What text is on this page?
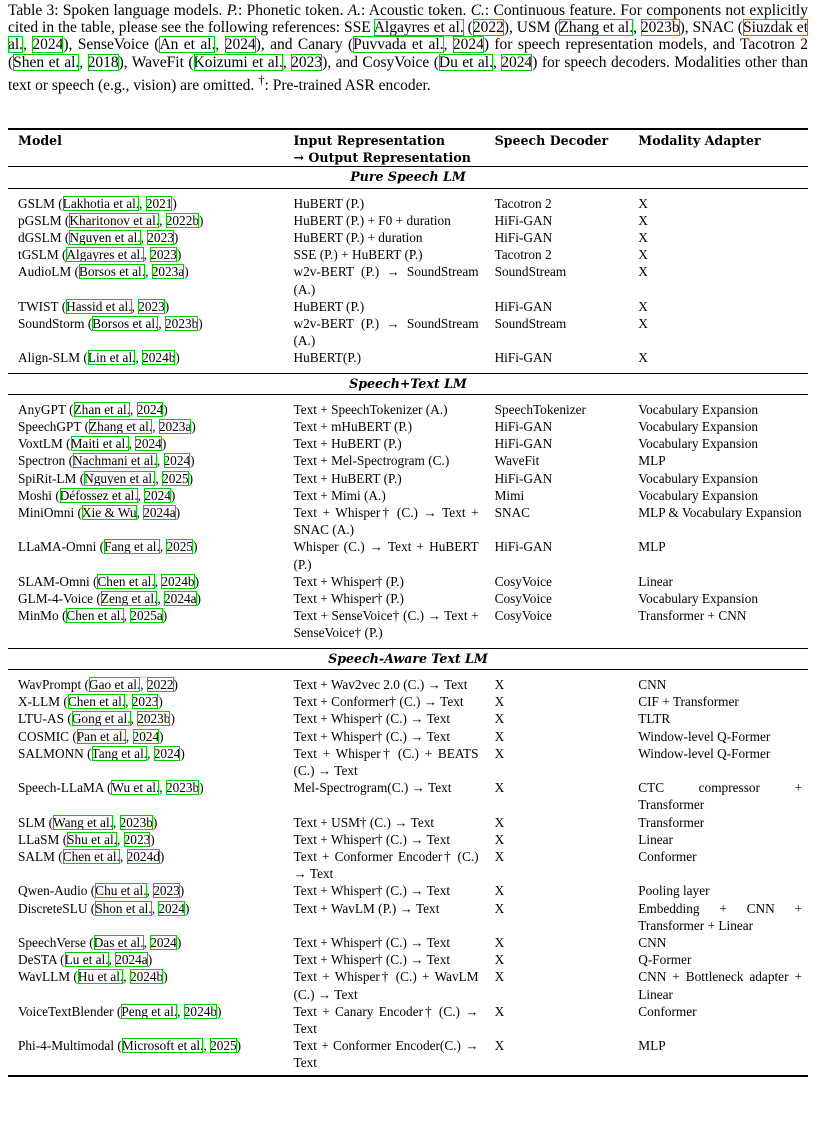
Table 3: Spoken language models. P.: Phonetic token. A.: Acoustic token. C.: Continuous feature. For components not explicitly cited in the table, please see the following references: SSE Algayres et al. (2022), USM (Zhang et al., 2023b), SNAC (Siuzdak et al., 2024), SenseVoice (An et al., 2024), and Canary (Puvvada et al., 2024) for speech representation models, and Tacotron 2 (Shen et al., 2018), WaveFit (Koizumi et al., 2023), and CosyVoice (Du et al., 2024) for speech decoders. Modalities other than text or speech (e.g., vision) are omitted. †: Pre-trained ASR encoder.

Model	Input Representation	Speech Decoder	Modality Adapter
	→ Output Representation		
Pure Speech LM			

GSLM (Lakhotia et al., 2021)	HuBERT (P.)	Tacotron 2	X
pGSLM (Kharitonov et al., 2022b)	HuBERT (P.) + F0 + duration	HiFi-GAN	X
dGSLM (Nguyen et al., 2023)	HuBERT (P.) + duration	HiFi-GAN	X
tGSLM (Algayres et al., 2023)	SSE (P.) + HuBERT (P.)	Tacotron 2	X
AudioLM (Borsos et al., 2023a)	w2v-BERT (P.) → SoundStream (A.)	SoundStream	X
TWIST (Hassid et al., 2023)	HuBERT (P.)	HiFi-GAN	X
SoundStorm (Borsos et al., 2023b)	w2v-BERT (P.) → SoundStream (A.)	SoundStream	X
Align-SLM (Lin et al., 2024b)	HuBERT(P.)	HiFi-GAN	X

Speech+Text LM			

AnyGPT (Zhan et al., 2024)	Text + SpeechTokenizer (A.)	SpeechTokenizer	Vocabulary Expansion
SpeechGPT (Zhang et al., 2023a)	Text + mHuBERT (P.)	HiFi-GAN	Vocabulary Expansion
VoxtLM (Maiti et al., 2024)	Text + HuBERT (P.)	HiFi-GAN	Vocabulary Expansion
Spectron (Nachmani et al., 2024)	Text + Mel-Spectrogram (C.)	WaveFit	MLP
SpiRit-LM (Nguyen et al., 2025)	Text + HuBERT (P.)	HiFi-GAN	Vocabulary Expansion
Moshi (Défossez et al., 2024)	Text + Mimi (A.)	Mimi	Vocabulary Expansion
MiniOmni (Xie & Wu, 2024a)	Text + Whisper† (C.) → Text + SNAC (A.)	SNAC	MLP & Vocabulary Expansion
LLaMA-Omni (Fang et al., 2025)	Whisper (C.) → Text + HuBERT (P.)	HiFi-GAN	MLP
SLAM-Omni (Chen et al., 2024b)	Text + Whisper† (P.)	CosyVoice	Linear
GLM-4-Voice (Zeng et al., 2024a)	Text + Whisper† (P.)	CosyVoice	Vocabulary Expansion
MinMo (Chen et al., 2025a)	Text + SenseVoice† (C.) → Text + SenseVoice† (P.)	CosyVoice	Transformer + CNN

Speech-Aware Text LM			

WavPrompt (Gao et al., 2022)	Text + Wav2vec 2.0 (C.) → Text	X	CNN
X-LLM (Chen et al., 2023)	Text + Conformer† (C.) → Text	X	CIF + Transformer
LTU-AS (Gong et al., 2023b)	Text + Whisper† (C.) → Text	X	TLTR
COSMIC (Pan et al., 2024)	Text + Whisper† (C.) → Text	X	Window-level Q-Former
SALMONN (Tang et al., 2024)	Text + Whisper† (C.) + BEATS (C.) → Text	X	Window-level Q-Former
Speech-LLaMA (Wu et al., 2023b)	Mel-Spectrogram(C.) → Text	X	CTC compressor + Transformer
SLM (Wang et al., 2023b)	Text + USM† (C.) → Text	X	Transformer
LLaSM (Shu et al., 2023)	Text + Whisper† (C.) → Text	X	Linear
SALM (Chen et al., 2024d)	Text + Conformer Encoder† (C.) → Text	X	Conformer
Qwen-Audio (Chu et al., 2023)	Text + Whisper† (C.) → Text	X	Pooling layer
DiscreteSLU (Shon et al., 2024)	Text + WavLM (P.) → Text	X	Embedding + CNN + Transformer + Linear
SpeechVerse (Das et al., 2024)	Text + Whisper† (C.) → Text	X	CNN
DeSTA (Lu et al., 2024a)	Text + Whisper† (C.) → Text	X	Q-Former
WavLLM (Hu et al., 2024b)	Text + Whisper† (C.) + WavLM (C.) → Text	X	CNN + Bottleneck adapter + Linear
VoiceTextBlender (Peng et al., 2024b)	Text + Canary Encoder† (C.) → Text	X	Conformer
Phi-4-Multimodal (Microsoft et al., 2025)	Text + Conformer Encoder(C.) → Text	X	MLP
